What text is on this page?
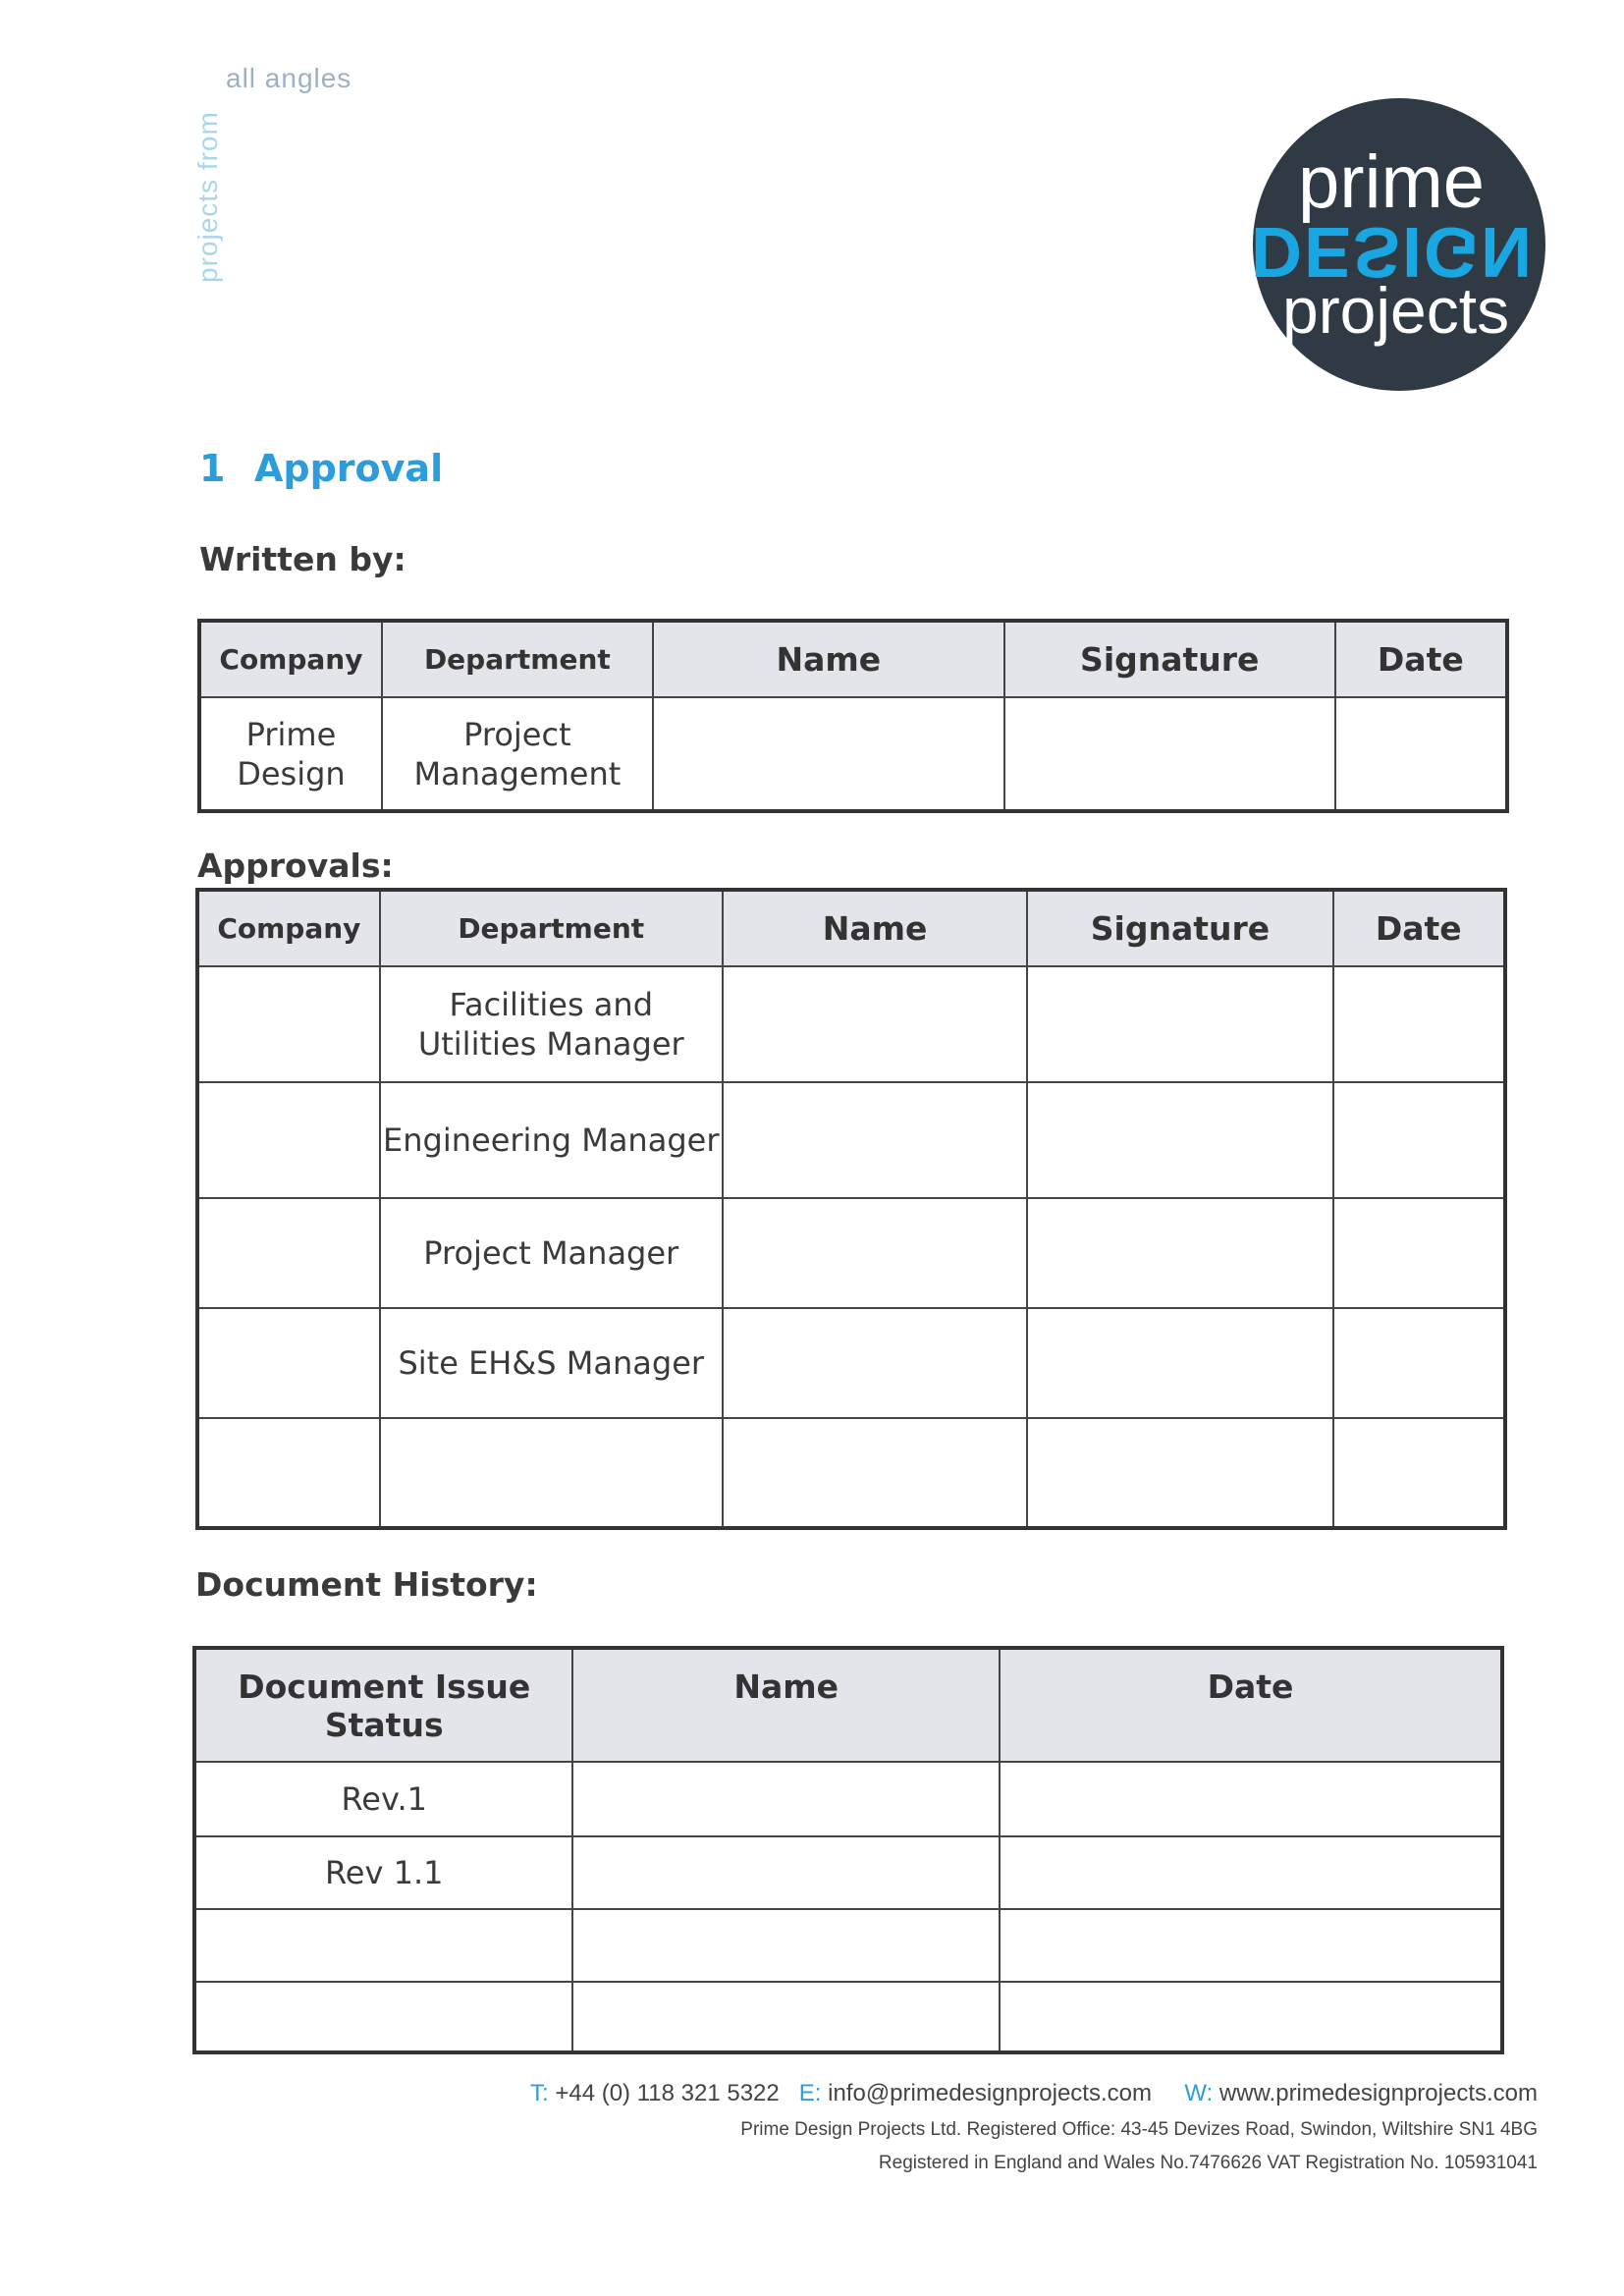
all angles
projects from	prime
DESIGN
projects
1 Approval
Written by:
Company	Department	Name	Signature	Date
Prime Design	Project Management			
Approvals:
Company	Department	Name	Signature	Date
	Facilities and Utilities Manager			
	Engineering Manager			
	Project Manager			
	Site EH&S Manager			

Document History:
Document Issue Status	Name	Date
Rev.1		
Rev 1.1		

T: +44 (0) 118 321 5322 E: info@primedesignprojects.com W: www.primedesignprojects.com
Prime Design Projects Ltd. Registered Office: 43-45 Devizes Road, Swindon, Wiltshire SN1 4BG
Registered in England and Wales No.7476626 VAT Registration No. 105931041
